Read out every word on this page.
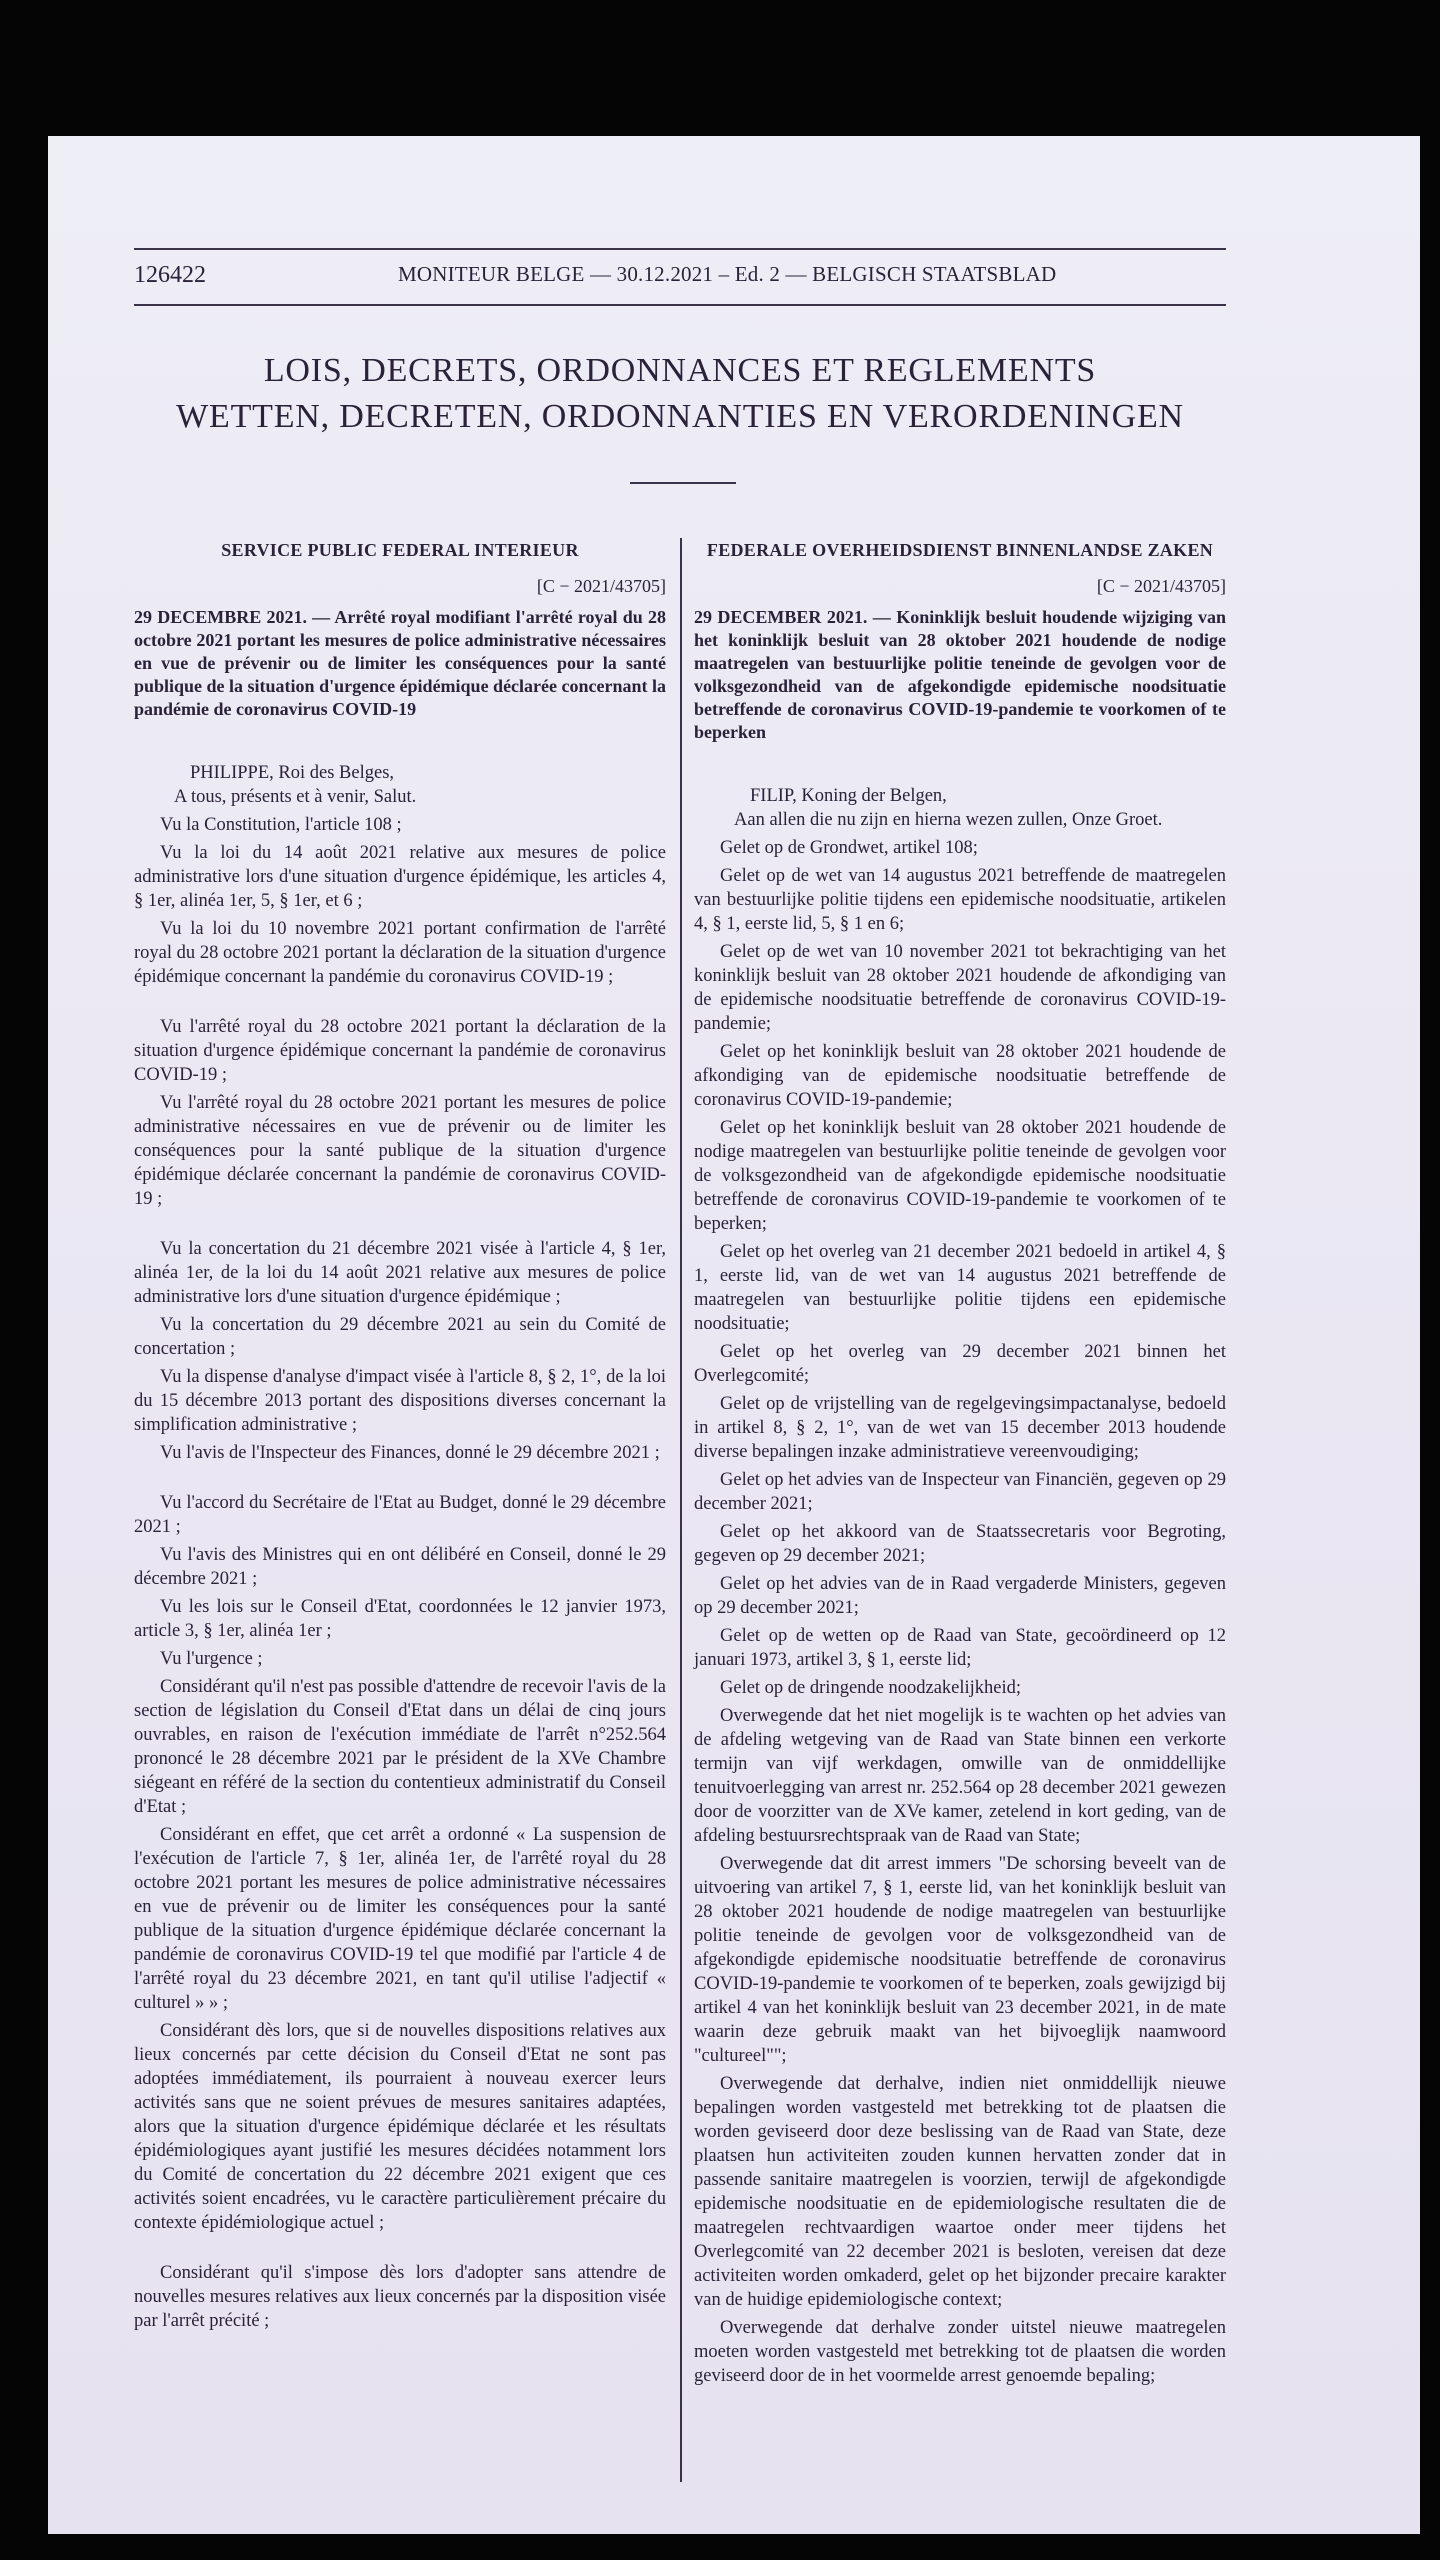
126422	MONITEUR BELGE — 30.12.2021 – Ed. 2 — BELGISCH STAATSBLAD
LOIS, DECRETS, ORDONNANCES ET REGLEMENTS
WETTEN, DECRETEN, ORDONNANTIES EN VERORDENINGEN
SERVICE PUBLIC FEDERAL INTERIEUR
[C − 2021/43705]
29 DECEMBRE 2021. — Arrêté royal modifiant l'arrêté royal du 28 octobre 2021 portant les mesures de police administrative nécessaires en vue de prévenir ou de limiter les conséquences pour la santé publique de la situation d'urgence épidémique déclarée concernant la pandémie de coronavirus COVID-19

PHILIPPE, Roi des Belges,

A tous, présents et à venir, Salut.

Vu la Constitution, l'article 108 ;

Vu la loi du 14 août 2021 relative aux mesures de police administrative lors d'une situation d'urgence épidémique, les articles 4, § 1er, alinéa 1er, 5, § 1er, et 6 ;

Vu la loi du 10 novembre 2021 portant confirmation de l'arrêté royal du 28 octobre 2021 portant la déclaration de la situation d'urgence épidémique concernant la pandémie du coronavirus COVID-19 ;

Vu l'arrêté royal du 28 octobre 2021 portant la déclaration de la situation d'urgence épidémique concernant la pandémie de coronavirus COVID-19 ;

Vu l'arrêté royal du 28 octobre 2021 portant les mesures de police administrative nécessaires en vue de prévenir ou de limiter les conséquences pour la santé publique de la situation d'urgence épidémique déclarée concernant la pandémie de coronavirus COVID-19 ;

Vu la concertation du 21 décembre 2021 visée à l'article 4, § 1er, alinéa 1er, de la loi du 14 août 2021 relative aux mesures de police administrative lors d'une situation d'urgence épidémique ;

Vu la concertation du 29 décembre 2021 au sein du Comité de concertation ;

Vu la dispense d'analyse d'impact visée à l'article 8, § 2, 1°, de la loi du 15 décembre 2013 portant des dispositions diverses concernant la simplification administrative ;

Vu l'avis de l'Inspecteur des Finances, donné le 29 décembre 2021 ;

Vu l'accord du Secrétaire de l'Etat au Budget, donné le 29 décembre 2021 ;

Vu l'avis des Ministres qui en ont délibéré en Conseil, donné le 29 décembre 2021 ;

Vu les lois sur le Conseil d'Etat, coordonnées le 12 janvier 1973, article 3, § 1er, alinéa 1er ;

Vu l'urgence ;

Considérant qu'il n'est pas possible d'attendre de recevoir l'avis de la section de législation du Conseil d'Etat dans un délai de cinq jours ouvrables, en raison de l'exécution immédiate de l'arrêt n°252.564 prononcé le 28 décembre 2021 par le président de la XVe Chambre siégeant en référé de la section du contentieux administratif du Conseil d'Etat ;

Considérant en effet, que cet arrêt a ordonné « La suspension de l'exécution de l'article 7, § 1er, alinéa 1er, de l'arrêté royal du 28 octobre 2021 portant les mesures de police administrative nécessaires en vue de prévenir ou de limiter les conséquences pour la santé publique de la situation d'urgence épidémique déclarée concernant la pandémie de coronavirus COVID-19 tel que modifié par l'article 4 de l'arrêté royal du 23 décembre 2021, en tant qu'il utilise l'adjectif « culturel » » ;

Considérant dès lors, que si de nouvelles dispositions relatives aux lieux concernés par cette décision du Conseil d'Etat ne sont pas adoptées immédiatement, ils pourraient à nouveau exercer leurs activités sans que ne soient prévues de mesures sanitaires adaptées, alors que la situation d'urgence épidémique déclarée et les résultats épidémiologiques ayant justifié les mesures décidées notamment lors du Comité de concertation du 22 décembre 2021 exigent que ces activités soient encadrées, vu le caractère particulièrement précaire du contexte épidémiologique actuel ;

Considérant qu'il s'impose dès lors d'adopter sans attendre de nouvelles mesures relatives aux lieux concernés par la disposition visée par l'arrêt précité ;

FEDERALE OVERHEIDSDIENST BINNENLANDSE ZAKEN
[C − 2021/43705]
29 DECEMBER 2021. — Koninklijk besluit houdende wijziging van het koninklijk besluit van 28 oktober 2021 houdende de nodige maatregelen van bestuurlijke politie teneinde de gevolgen voor de volksgezondheid van de afgekondigde epidemische noodsituatie betreffende de coronavirus COVID-19-pandemie te voorkomen of te beperken

FILIP, Koning der Belgen,

Aan allen die nu zijn en hierna wezen zullen, Onze Groet.

Gelet op de Grondwet, artikel 108;

Gelet op de wet van 14 augustus 2021 betreffende de maatregelen van bestuurlijke politie tijdens een epidemische noodsituatie, artikelen 4, § 1, eerste lid, 5, § 1 en 6;

Gelet op de wet van 10 november 2021 tot bekrachtiging van het koninklijk besluit van 28 oktober 2021 houdende de afkondiging van de epidemische noodsituatie betreffende de coronavirus COVID-19-pandemie;

Gelet op het koninklijk besluit van 28 oktober 2021 houdende de afkondiging van de epidemische noodsituatie betreffende de coronavirus COVID-19-pandemie;

Gelet op het koninklijk besluit van 28 oktober 2021 houdende de nodige maatregelen van bestuurlijke politie teneinde de gevolgen voor de volksgezondheid van de afgekondigde epidemische noodsituatie betreffende de coronavirus COVID-19-pandemie te voorkomen of te beperken;

Gelet op het overleg van 21 december 2021 bedoeld in artikel 4, § 1, eerste lid, van de wet van 14 augustus 2021 betreffende de maatregelen van bestuurlijke politie tijdens een epidemische noodsituatie;

Gelet op het overleg van 29 december 2021 binnen het Overlegcomité;

Gelet op de vrijstelling van de regelgevingsimpactanalyse, bedoeld in artikel 8, § 2, 1°, van de wet van 15 december 2013 houdende diverse bepalingen inzake administratieve vereenvoudiging;

Gelet op het advies van de Inspecteur van Financiën, gegeven op 29 december 2021;

Gelet op het akkoord van de Staatssecretaris voor Begroting, gegeven op 29 december 2021;

Gelet op het advies van de in Raad vergaderde Ministers, gegeven op 29 december 2021;

Gelet op de wetten op de Raad van State, gecoördineerd op 12 januari 1973, artikel 3, § 1, eerste lid;

Gelet op de dringende noodzakelijkheid;

Overwegende dat het niet mogelijk is te wachten op het advies van de afdeling wetgeving van de Raad van State binnen een verkorte termijn van vijf werkdagen, omwille van de onmiddellijke tenuitvoerlegging van arrest nr. 252.564 op 28 december 2021 gewezen door de voorzitter van de XVe kamer, zetelend in kort geding, van de afdeling bestuursrechtspraak van de Raad van State;

Overwegende dat dit arrest immers "De schorsing beveelt van de uitvoering van artikel 7, § 1, eerste lid, van het koninklijk besluit van 28 oktober 2021 houdende de nodige maatregelen van bestuurlijke politie teneinde de gevolgen voor de volksgezondheid van de afgekondigde epidemische noodsituatie betreffende de coronavirus COVID-19-pandemie te voorkomen of te beperken, zoals gewijzigd bij artikel 4 van het koninklijk besluit van 23 december 2021, in de mate waarin deze gebruik maakt van het bijvoeglijk naamwoord "cultureel"";

Overwegende dat derhalve, indien niet onmiddellijk nieuwe bepalingen worden vastgesteld met betrekking tot de plaatsen die worden geviseerd door deze beslissing van de Raad van State, deze plaatsen hun activiteiten zouden kunnen hervatten zonder dat in passende sanitaire maatregelen is voorzien, terwijl de afgekondigde epidemische noodsituatie en de epidemiologische resultaten die de maatregelen rechtvaardigen waartoe onder meer tijdens het Overlegcomité van 22 december 2021 is besloten, vereisen dat deze activiteiten worden omkaderd, gelet op het bijzonder precaire karakter van de huidige epidemiologische context;

Overwegende dat derhalve zonder uitstel nieuwe maatregelen moeten worden vastgesteld met betrekking tot de plaatsen die worden geviseerd door de in het voormelde arrest genoemde bepaling;
